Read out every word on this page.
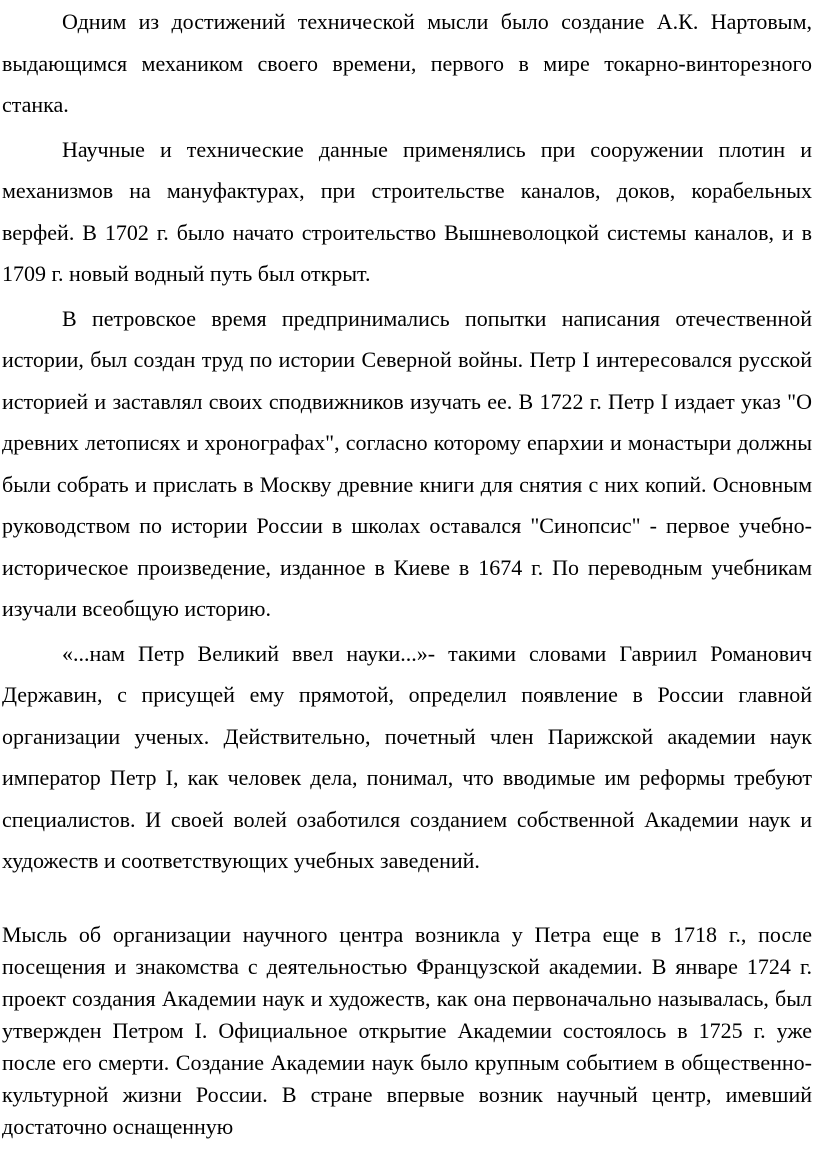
Одним из достижений технической мысли было создание А.К. Нартовым, выдающимся механиком своего времени, первого в мире токарно-винторезного станка.

Научные и технические данные применялись при сооружении плотин и механизмов на мануфактурах, при строительстве каналов, доков, корабельных верфей. В 1702 г. было начато строительство Вышневолоцкой системы каналов, и в 1709 г. новый водный путь был открыт.

В петровское время предпринимались попытки написания отечественной истории, был создан труд по истории Северной войны. Петр I интересовался русской историей и заставлял своих сподвижников изучать ее. В 1722 г. Петр I издает указ "О древних летописях и хронографах", согласно которому епархии и монастыри должны были собрать и прислать в Москву древние книги для снятия с них копий. Основным руководством по истории России в школах оставался "Синопсис" - первое учебно-историческое произведение, изданное в Киеве в 1674 г. По переводным учебникам изучали всеобщую историю.

«...нам Петр Великий ввел науки...»- такими словами Гавриил Романович Державин, с присущей ему прямотой, определил появление в России главной организации ученых. Действительно, почетный член Парижской академии наук император Петр I, как человек дела, понимал, что вводимые им реформы требуют специалистов. И своей волей озаботился созданием собственной Академии наук и художеств и соответствующих учебных заведений.

Мысль об организации научного центра возникла у Петра еще в 1718 г., после посещения и знакомства с деятельностью Французской академии. В январе 1724 г. проект создания Академии наук и художеств, как она первоначально называлась, был утвержден Петром I. Официальное открытие Академии состоялось в 1725 г. уже после его смерти. Создание Академии наук было крупным событием в общественно-культурной жизни России. В стране впервые возник научный центр, имевший достаточно оснащенную
